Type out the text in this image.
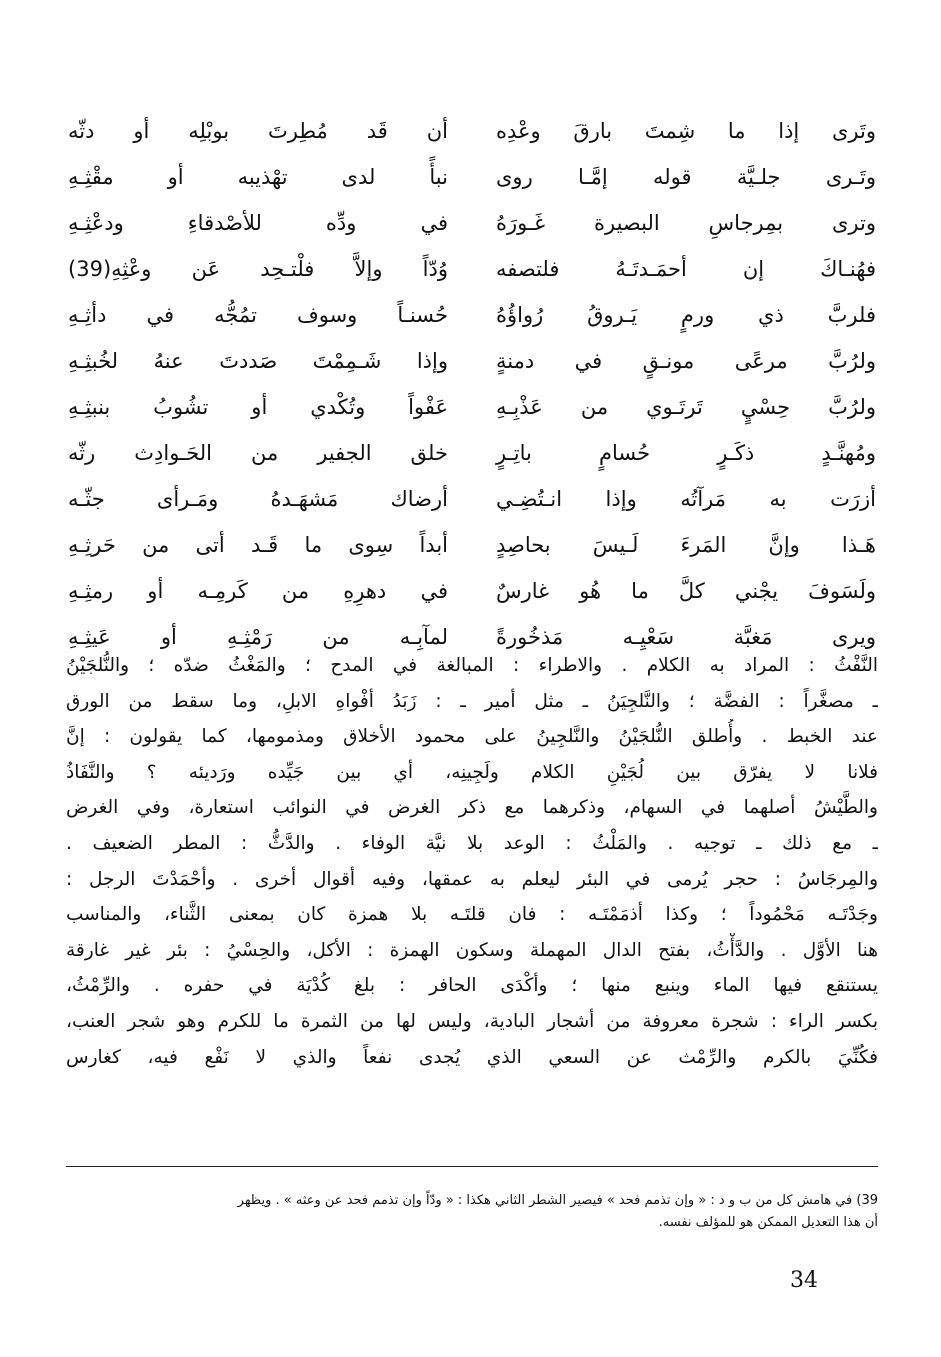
وتَرى إذا ما شِمتَ بارقَ وعْدِه
أن قَد مُطِرتَ بوبْلِه أو دثّه
وتَـرى جلـيَّة قوله إمَّـا روى
نبأً لدى تهْذيبه أو مقْثِـهِ
وترى بمِرجاسِ البصيرة غَـورَهُ
في ودِّه للأصْدقاءِ ودعْثِـهِ
فهُنـاكَ إن أحمَـدتَـهُ فلتصفه
وُدّاً وإلاَّ فلْتـحِد عَن وعْثِهِ(39)
فلربَّ ذي ورمٍ يَـروقُ رُواؤُهُ
حُسنـاً وسوف تمُجُّه في دأثِـهِ
ولرُبَّ مرعًى مونـقٍ في دمنةٍ
وإذا شَـمِمْتَ صَددتَ عنهُ لخُبثِـهِ
ولرُبَّ حِسْيٍ تَرتَـوي من عَذْبِـهِ
عَفْواً وتُكْدي أو تشُوبُ بنبثِـهِ
ومُهنَّـدٍ ذكَـرٍ حُسامٍ باتِـرٍ
خلق الجفير من الحَـوادِث رثّه
أزرَت به مَرآتُه وإذا انـتُضِـي
أرضاك مَشهَـدهُ ومَـرأى جثّـه
هَـذا وإنَّ المَرءَ لَـيسَ بحاصِدٍ
أبداً سِوى ما قَـد أتى من حَرثِـهِ
ولَسَوفَ يجْني كلَّ ما هُو غارسٌ
في دهرِهِ من كَرمِـه أو رمثِـهِ
ويرى مَغبَّة سَعْيِـه مَذخُورةً
لمآبِـه من رَمْثِـهِ أو عَيثِـهِ
النَّفْثُ : المراد به الكلام . والاطراء : المبالغة في المدح ؛ والمَغْثُ ضدّه ؛ والنُّلجَيْنُ
ـ مصغَّراً : الفضَّة ؛ والنَّلجِيَنُ ـ مثل أمير ـ : زَبَدُ أفْواهِ الابلِ، وما سقط من الورق
عند الخبط . وأُطلق النُّلجَيْنُ والنَّلجِينُ على محمود الأخلاق ومذمومها، كما يقولون : إنَّ
فلانا لا يفرّق بين لُجَيْنِ الكلام ولَجِينِه، أي بين جَيِّده ورَديئه ؟ والنَّفَاذُ
والطَّيْشُ أصلهما في السهام، وذكرهما مع ذكر الغرض في النوائب استعارة، وفي الغرض
ـ مع ذلك ـ توجيه . والمَلْثُ : الوعد بلا نيَّة الوفاء . والدَّثُّ : المطر الضعيف .
والمِرجَاسُ : حجر يُرمى في البئر ليعلم به عمقها، وفيه أقوال أخرى . وأحْمَدْتَ الرجل :
وجَدْتَـه مَحْمُوداً ؛ وكذا أذمَمْتَـه : فان قلتَـه بلا همزة كان بمعنى الثَّناء، والمناسب
هنا الأوَّل . والدَّأْثُ، بفتح الدال المهملة وسكون الهمزة : الأكل، والحِسْيُ : بئر غير غارقة
يستنقع فيها الماء وينبع منها ؛ وأكْدَى الحافر : بلغ كُدْيَة في حفره . والرِّمْثُ،
بكسر الراء : شجرة معروفة من أشجار البادية، وليس لها من الثمرة ما للكرم وهو شجر العنب،
فكُنِّيَ بالكرم والرِّمْث عن السعي الذي يُجدى نفعاً والذي لا نَفْع فيه، كغارس
39) في هامش كل من ب و د : « وإن تذمم فحد » فيصير الشطر الثاني هكذا : « ودّاً وإن تذمم فحد عن وعثه » . ويظهر
أن هذا التعديل الممكن هو للمؤلف نفسه.
34
